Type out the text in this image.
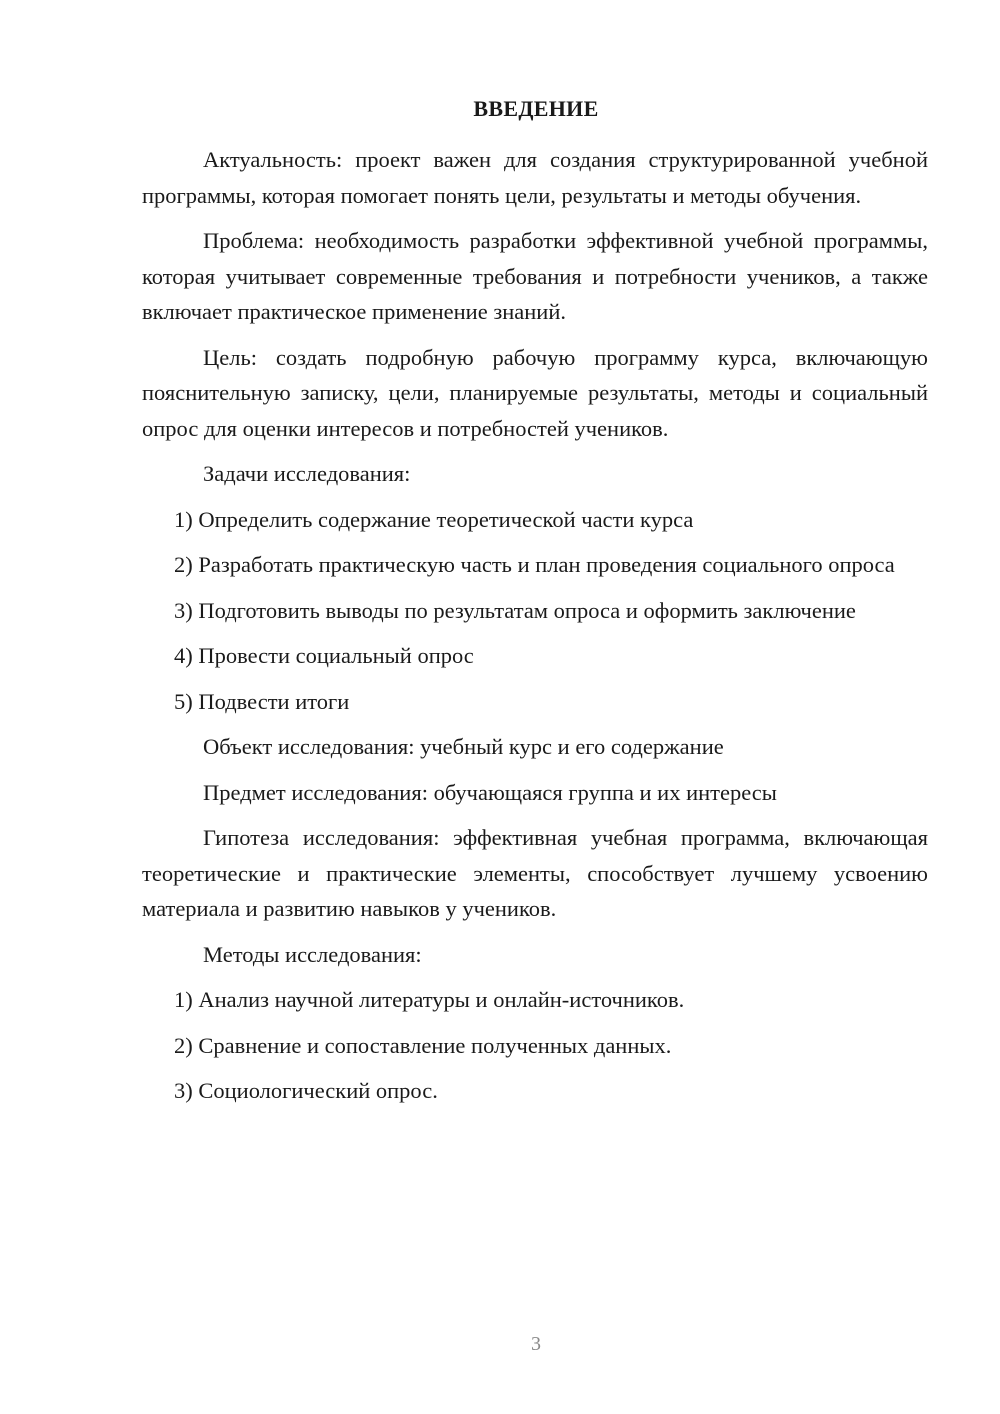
ВВЕДЕНИЕ

Актуальность: проект важен для создания структурированной учебной программы, которая помогает понять цели, результаты и методы обучения.

Проблема: необходимость разработки эффективной учебной программы, которая учитывает современные требования и потребности учеников, а также включает практическое применение знаний.

Цель: создать подробную рабочую программу курса, включающую пояснительную записку, цели, планируемые результаты, методы и социальный опрос для оценки интересов и потребностей учеников.

Задачи исследования:

1) Определить содержание теоретической части курса

2) Разработать практическую часть и план проведения социального опроса

3) Подготовить выводы по результатам опроса и оформить заключение

4) Провести социальный опрос

5) Подвести итоги

Объект исследования: учебный курс и его содержание

Предмет исследования: обучающаяся группа и их интересы

Гипотеза исследования: эффективная учебная программа, включающая теоретические и практические элементы, способствует лучшему усвоению материала и развитию навыков у учеников.

Методы исследования:

1) Анализ научной литературы и онлайн-источников.

2) Сравнение и сопоставление полученных данных.

3) Социологический опрос.

3
